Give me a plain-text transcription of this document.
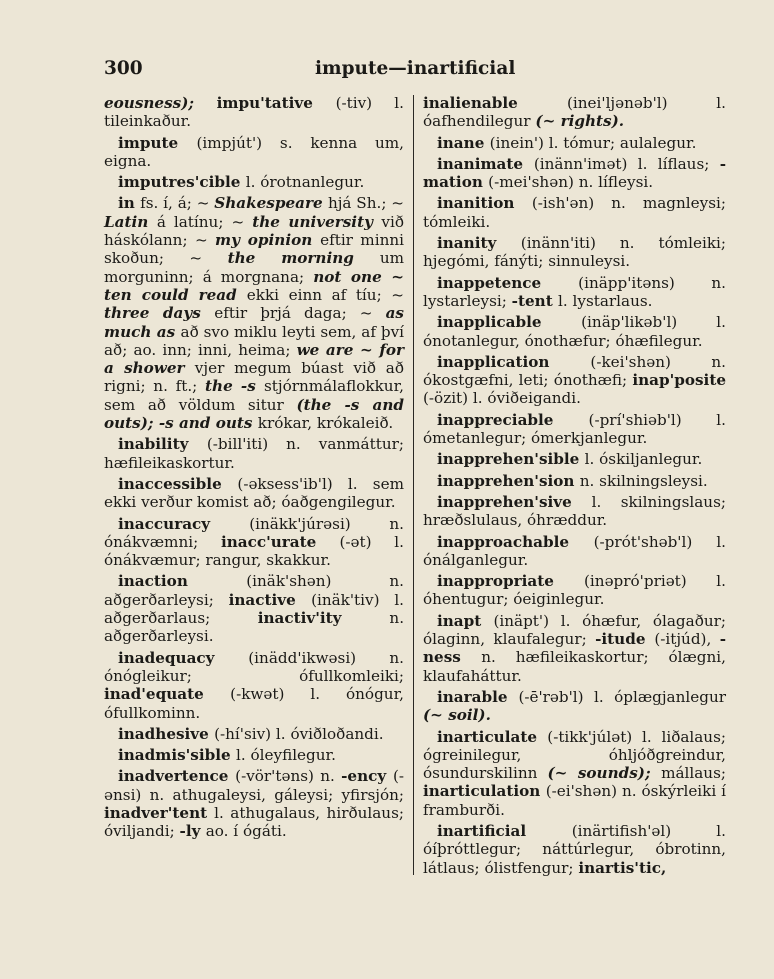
300	impute—inartificial

eousness); impu'tative (-tiv) l. tileinkaður.

impute (impjút') s. kenna um, eigna.

imputres'cible l. órotnanlegur.

in fs. í, á; ~ Shakespeare hjá Sh.; ~ Latin á latínu; ~ the university við háskólann; ~ my opinion eftir minni skoðun; ~ the morning um morguninn; á morgnana; not one ~ ten could read ekki einn af tíu; ~ three days eftir þrjá daga; ~ as much as að svo miklu leyti sem, af því að; ao. inn; inni, heima; we are ~ for a shower vjer megum búast við að rigni; n. ft.; the -s stjórnmálaflokkur, sem að völdum situr (the -s and outs); -s and outs krókar, krókaleið.

inability (-bill'iti) n. vanmáttur; hæfileikaskortur.

inaccessible (-əksess'ib'l) l. sem ekki verður komist að; óaðgengilegur.

inaccuracy (inäkk'júrəsi) n. ónákvæmni; inacc'urate (-ət) l. ónákvæmur; rangur, skakkur.

inaction (inäk'shən) n. aðgerðarleysi; inactive (inäk'tiv) l. aðgerðarlaus; inactiv'ity n. aðgerðarleysi.

inadequacy (inädd'ikwəsi) n. ónógleikur; ófullkomleiki; inad'equate (-kwət) l. ónógur, ófullkominn.

inadhesive (-hí'siv) l. óviðloðandi.

inadmis'sible l. óleyfilegur.

inadvertence (-vör'təns) n. -ency (-ənsi) n. athugaleysi, gáleysi; yfirsjón; inadver'tent l. athugalaus, hirðulaus; óviljandi; -ly ao. í ógáti.

inalienable (inei'ljənəb'l) l. óafhendilegur (~ rights).

inane (inein') l. tómur; aulalegur.

inanimate (inänn'imət) l. líflaus; -mation (-mei'shən) n. lífleysi.

inanition (-ish'ən) n. magnleysi; tómleiki.

inanity (inänn'iti) n. tómleiki; hjegómi, fánýti; sinnuleysi.

inappetence (inäpp'itəns) n. lystarleysi; -tent l. lystarlaus.

inapplicable (inäp'likəb'l) l. ónotanlegur, ónothæfur; óhæfilegur.

inapplication (-kei'shən) n. ókostgæfni, leti; ónothæfi; inap'posite (-özit) l. óviðeigandi.

inappreciable (-prí'shiəb'l) l. ómetanlegur; ómerkjanlegur.

inapprehen'sible l. óskiljanlegur.

inapprehen'sion n. skilningsleysi.

inapprehen'sive l. skilningslaus; hræðslulaus, óhræddur.

inapproachable (-prót'shəb'l) l. ónálganlegur.

inappropriate (inəpró'priət) l. óhentugur; óeiginlegur.

inapt (inäpt') l. óhæfur, ólagaður; ólaginn, klaufalegur; -itude (-itjúd), -ness n. hæfileikaskortur; ólægni, klaufaháttur.

inarable (-ē'rəb'l) l. óplægjanlegur (~ soil).

inarticulate (-tikk'júlət) l. liðalaus; ógreinilegur, óhljóðgreindur, ósundurskilinn (~ sounds); mállaus; inarticulation (-ei'shən) n. óskýrleiki í framburði.

inartificial (inärtifish'əl) l. óíþróttlegur; náttúrlegur, óbrotinn, látlaus; ólistfengur; inartis'tic,
